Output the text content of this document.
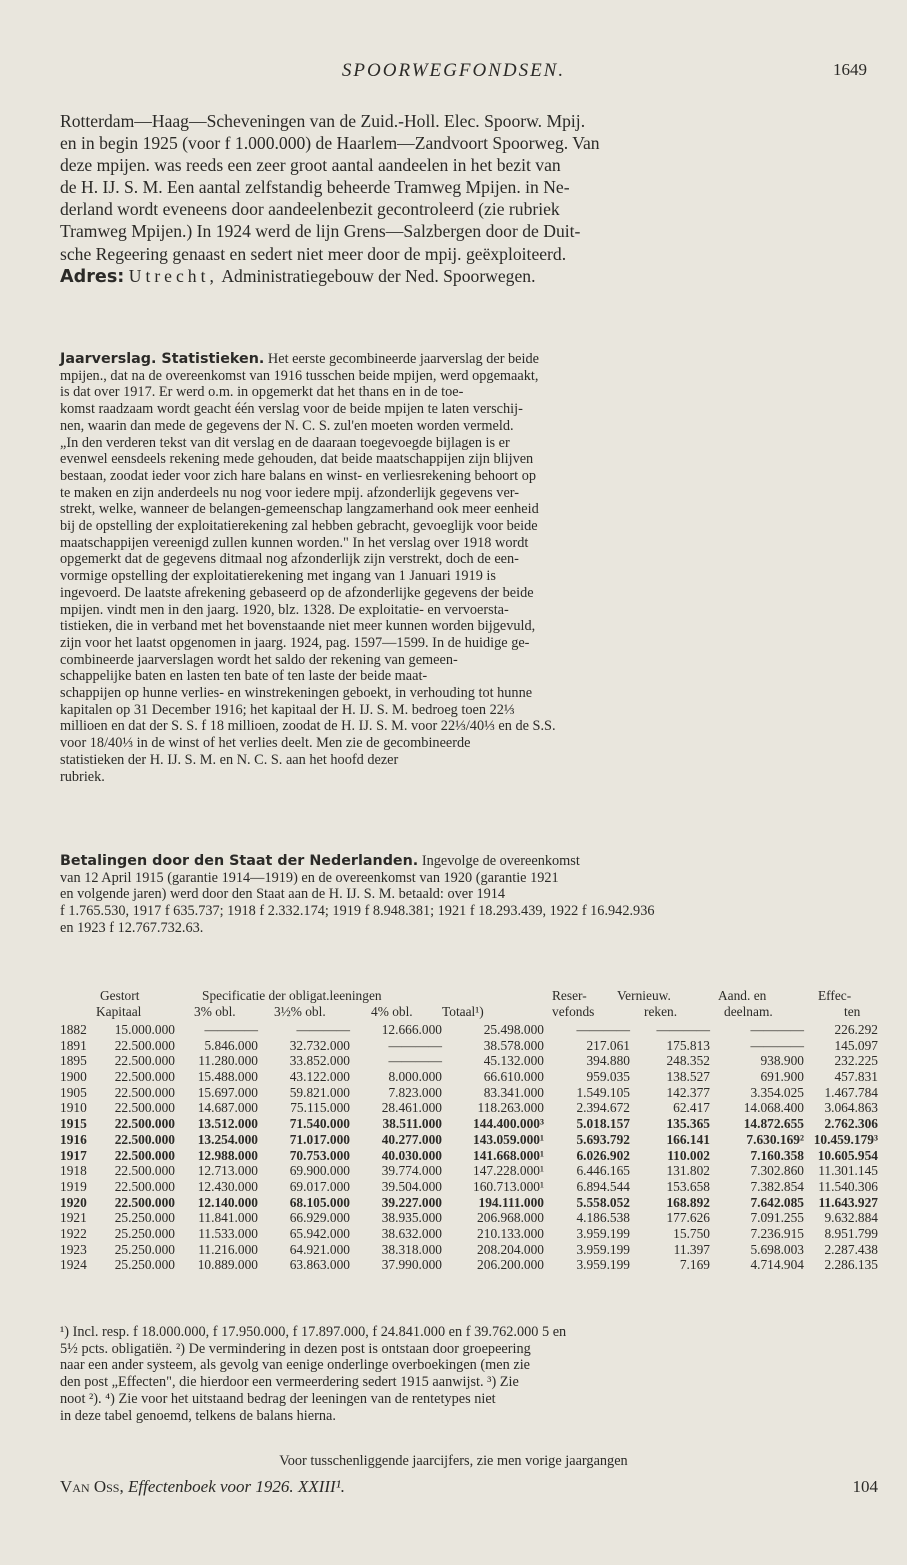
SPOORWEGFONDSEN.	1649
Rotterdam—Haag—Scheveningen van de Zuid.-Holl. Elec. Spoorw. Mpij.
en in begin 1925 (voor f 1.000.000) de Haarlem—Zandvoort Spoorweg. Van
deze mpijen. was reeds een zeer groot aantal aandeelen in het bezit van
de H. IJ. S. M. Een aantal zelfstandig beheerde Tramweg Mpijen. in Ne-
derland wordt eveneens door aandeelenbezit gecontroleerd (zie rubriek
Tramweg Mpijen.) In 1924 werd de lijn Grens—Salzbergen door de Duit-
sche Regeering genaast en sedert niet meer door de mpij. geëxploiteerd.
Adres: Utrecht, Administratiegebouw der Ned. Spoorwegen.
Jaarverslag. Statistieken. Het eerste gecombineerde jaarverslag der beide
mpijen., dat na de overeenkomst van 1916 tusschen beide mpijen, werd opgemaakt,
is dat over 1917. Er werd o.m. in opgemerkt dat het thans en in de toe-
komst raadzaam wordt geacht één verslag voor de beide mpijen te laten verschij-
nen, waarin dan mede de gegevens der N. C. S. zul'en moeten worden vermeld.
„In den verderen tekst van dit verslag en de daaraan toegevoegde bijlagen is er
evenwel eensdeels rekening mede gehouden, dat beide maatschappijen zijn blijven
bestaan, zoodat ieder voor zich hare balans en winst- en verliesrekening behoort op
te maken en zijn anderdeels nu nog voor iedere mpij. afzonderlijk gegevens ver-
strekt, welke, wanneer de belangen-gemeenschap langzamerhand ook meer eenheid
bij de opstelling der exploitatierekening zal hebben gebracht, gevoeglijk voor beide
maatschappijen vereenigd zullen kunnen worden." In het verslag over 1918 wordt
opgemerkt dat de gegevens ditmaal nog afzonderlijk zijn verstrekt, doch de een-
vormige opstelling der exploitatierekening met ingang van 1 Januari 1919 is
ingevoerd. De laatste afrekening gebaseerd op de afzonderlijke gegevens der beide
mpijen. vindt men in den jaarg. 1920, blz. 1328. De exploitatie- en vervoersta-
tistieken, die in verband met het bovenstaande niet meer kunnen worden bijgevuld,
zijn voor het laatst opgenomen in jaarg. 1924, pag. 1597—1599. In de huidige ge-
combineerde jaarverslagen wordt het saldo der rekening van gemeen-
schappelijke baten en lasten ten bate of ten laste der beide maat-
schappijen op hunne verlies- en winstrekeningen geboekt, in verhouding tot hunne
kapitalen op 31 December 1916; het kapitaal der H. IJ. S. M. bedroeg toen 22⅓
millioen en dat der S. S. f 18 millioen, zoodat de H. IJ. S. M. voor 22⅓/40⅓ en de S.S.
voor 18/40⅓ in de winst of het verlies deelt. Men zie de gecombineerde
statistieken der H. IJ. S. M. en N. C. S. aan het hoofd dezer
rubriek.
Betalingen door den Staat der Nederlanden. Ingevolge de overeenkomst
van 12 April 1915 (garantie 1914—1919) en de overeenkomst van 1920 (garantie 1921
en volgende jaren) werd door den Staat aan de H. IJ. S. M. betaald: over 1914
f 1.765.530, 1917 f 635.737; 1918 f 2.332.174; 1919 f 8.948.381; 1921 f 18.293.439, 1922 f 16.942.936
en 1923 f 12.767.732.63.
Gestort	Specificatie der obligat.leeningen	Reser- Vernieuw.	Aand. en	Effec-
Kapitaal	3% obl.	3½% obl.	4% obl. Totaal¹)	vefonds	reken.	deelnam.	ten
1882 15.000.000 ————	———— 12.666.000	25.498.000 ———— ————	———— 226.292
1891 22.500.000 5.846.000 32.732.000	————	38.578.000	217.061	175.813	———— 145.097
1895 22.500.000 11.280.000 33.852.000	————	45.132.000	394.880	248.352	938.900 232.225
1900 22.500.000 15.488.000 43.122.000	8.000.000	66.610.000	959.035	138.527	691.900 457.831
1905 22.500.000 15.697.000 59.821.000	7.823.000	83.341.000 1.549.105	142.377	3.354.025 1.467.784
1910 22.500.000 14.687.000 75.115.000 28.461.000	118.263.000 2.394.672	62.417	14.068.400 3.064.863
1915 22.500.000 13.512.000 71.540.000 38.511.000 144.400.000³ 5.018.157	135.365	14.872.655 2.762.306
1916 22.500.000 13.254.000 71.017.000 40.277.000 143.059.000¹ 5.693.792	166.141	7.630.169² 10.459.179³
1917 22.500.000 12.988.000 70.753.000 40.030.000 141.668.000¹ 6.026.902	110.002	7.160.358 10.605.954
1918 22.500.000 12.713.000 69.900.000 39.774.000 147.228.000¹ 6.446.165	131.802	7.302.860 11.301.145
1919 22.500.000 12.430.000 69.017.000 39.504.000 160.713.000¹ 6.894.544	153.658	7.382.854 11.540.306
1920 22.500.000 12.140.000 68.105.000 39.227.000	194.111.000 5.558.052	168.892	7.642.085 11.643.927
1921 25.250.000 11.841.000 66.929.000 38.935.000	206.968.000 4.186.538	177.626	7.091.255 9.632.884
1922 25.250.000 11.533.000 65.942.000 38.632.000	210.133.000 3.959.199	15.750	7.236.915 8.951.799
1923 25.250.000 11.216.000 64.921.000 38.318.000	208.204.000 3.959.199	11.397	5.698.003 2.287.438
1924 25.250.000 10.889.000 63.863.000 37.990.000	206.200.000 3.959.199	7.169	4.714.904 2.286.135
¹) Incl. resp. f 18.000.000, f 17.950.000, f 17.897.000, f 24.841.000 en f 39.762.000 5 en
5½ pcts. obligatiën. ²) De vermindering in dezen post is ontstaan door groepeering
naar een ander systeem, als gevolg van eenige onderlinge overboekingen (men zie
den post „Effecten", die hierdoor een vermeerdering sedert 1915 aanwijst. ³) Zie
noot ²). ⁴) Zie voor het uitstaand bedrag der leeningen van de rentetypes niet
in deze tabel genoemd, telkens de balans hierna.
Voor tusschenliggende jaarcijfers, zie men vorige jaargangen
Van Oss, Effectenboek voor 1926. XXIII¹.	104
